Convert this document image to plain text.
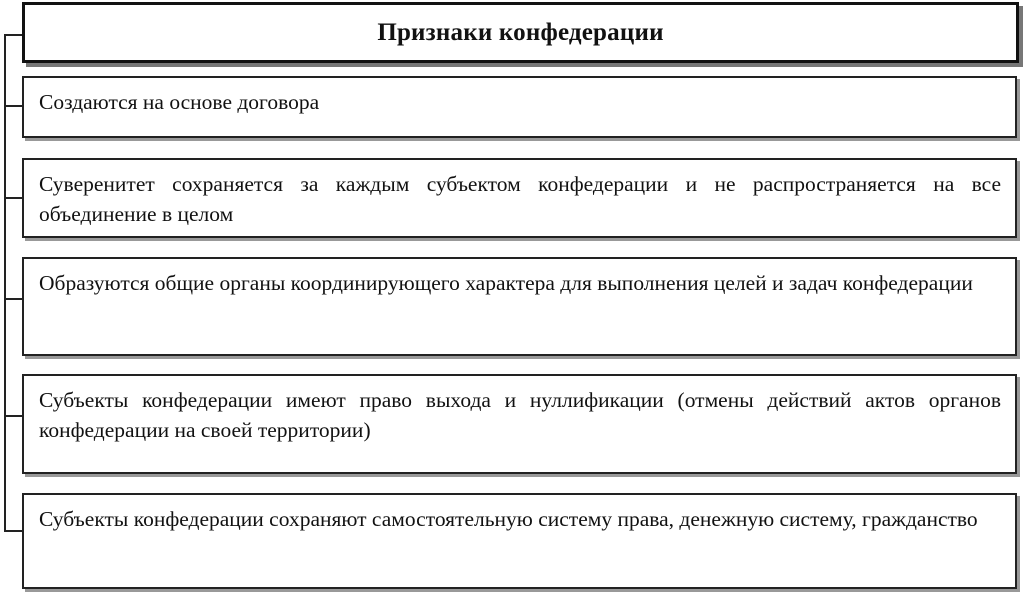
Признаки конфедерации
Создаются на основе договора
Суверенитет сохраняется за каждым субъектом конфедерации и не распространяется на все объединение в целом
Образуются общие органы координирующего характера для выполнения целей и задач конфедерации
Субъекты конфедерации имеют право выхода и нуллификации (отмены действий актов органов конфедерации на своей территории)
Субъекты конфедерации сохраняют самостоятельную систему права, денежную систему, гражданство
